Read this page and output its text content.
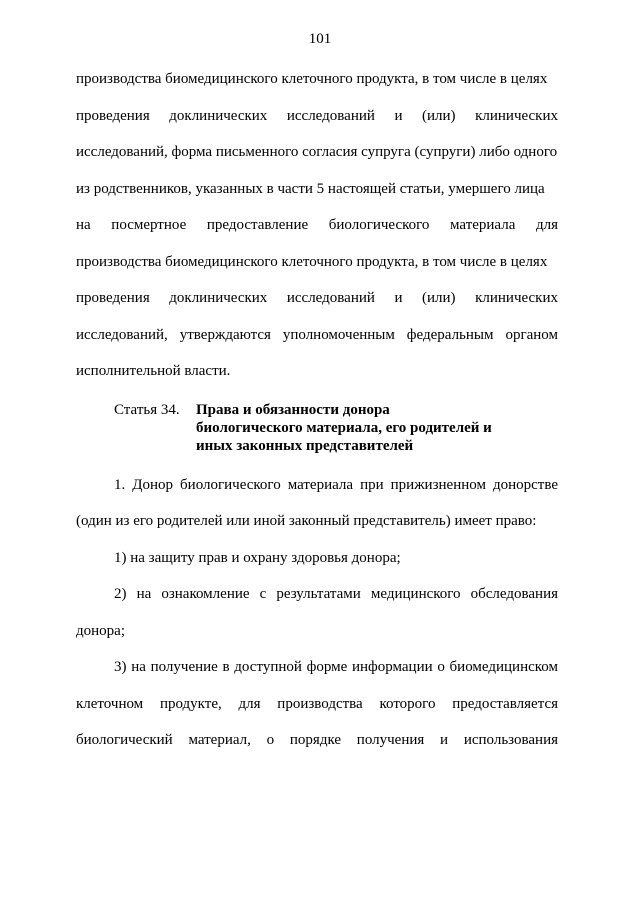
101
производства биомедицинского клеточного продукта, в том числе в целях
проведения доклинических исследований и (или) клинических
исследований, форма письменного согласия супруга (супруги) либо одного
из родственников, указанных в части 5 настоящей статьи, умершего лица
на посмертное предоставление биологического материала для
производства биомедицинского клеточного продукта, в том числе в целях
проведения доклинических исследований и (или) клинических
исследований, утверждаются уполномоченным федеральным органом
исполнительной власти.
Статья 34.	Права и обязанности донора биологического материала, его родителей и иных законных представителей
1. Донор биологического материала при прижизненном донорстве
(один из его родителей или иной законный представитель) имеет право:
1) на защиту прав и охрану здоровья донора;
2) на ознакомление с результатами медицинского обследования
донора;
3) на получение в доступной форме информации о биомедицинском
клеточном продукте, для производства которого предоставляется
биологический материал, о порядке получения и использования
